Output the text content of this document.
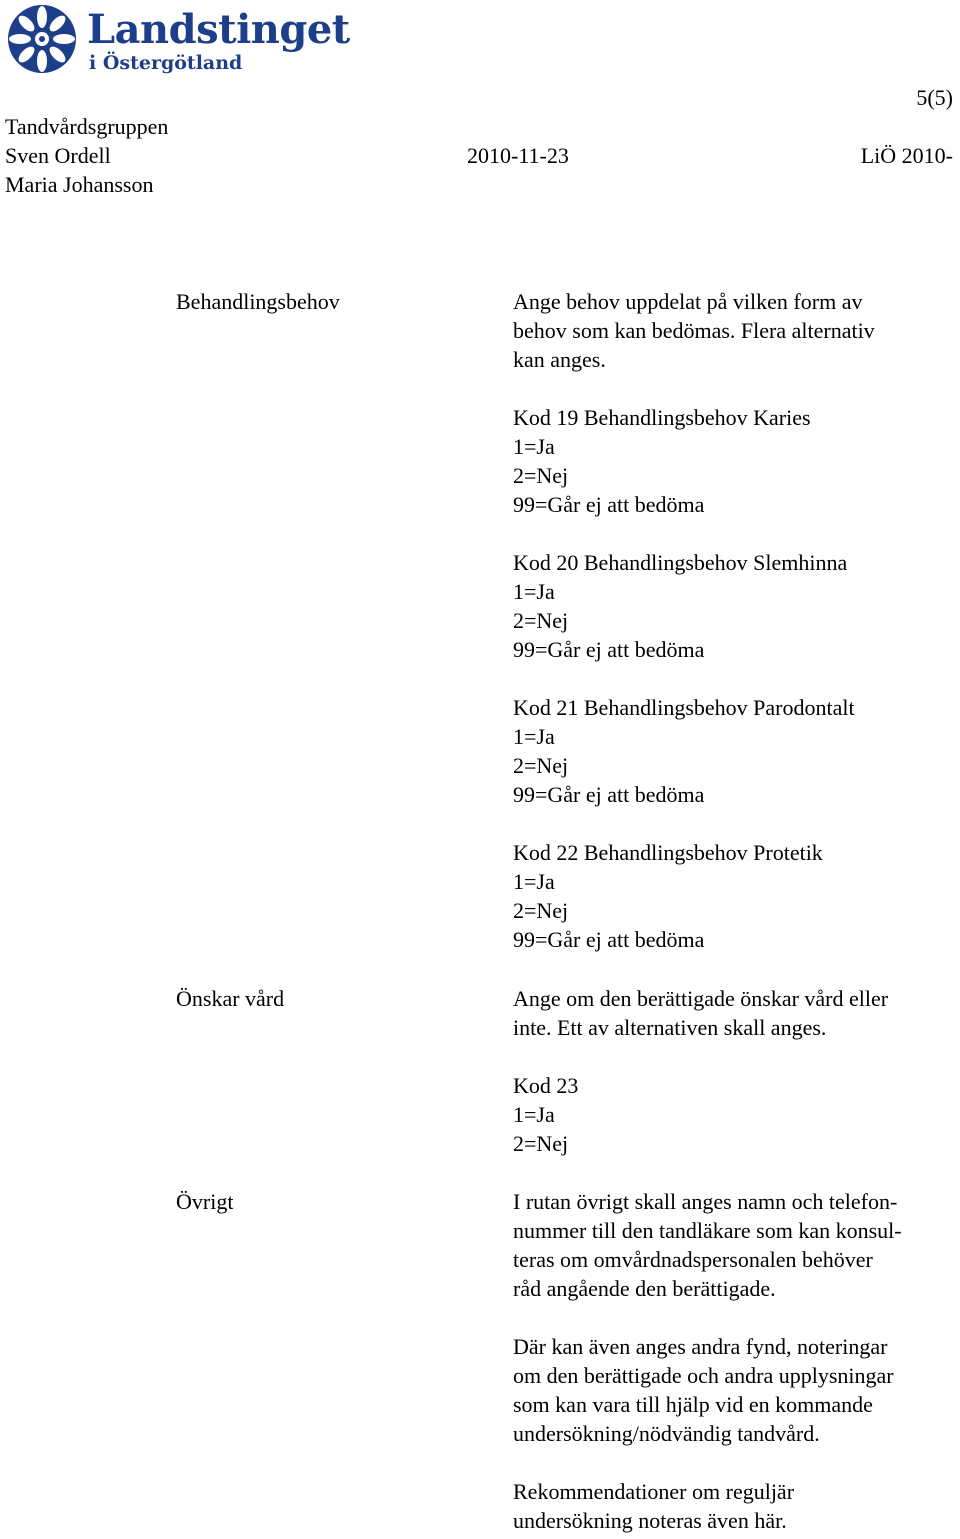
Landstinget
i Östergötland
5(5)
Tandvårdsgruppen
Sven Ordell	2010-11-23	LiÖ 2010-
Maria Johansson
Behandlingsbehov	Ange behov uppdelat på vilken form av

behov som kan bedömas. Flera alternativ

kan anges.

Kod 19 Behandlingsbehov Karies

1=Ja

2=Nej

99=Går ej att bedöma

Kod 20 Behandlingsbehov Slemhinna

1=Ja

2=Nej

99=Går ej att bedöma

Kod 21 Behandlingsbehov Parodontalt

1=Ja

2=Nej

99=Går ej att bedöma

Kod 22 Behandlingsbehov Protetik

1=Ja

2=Nej

99=Går ej att bedöma

Önskar vård	Ange om den berättigade önskar vård eller

inte. Ett av alternativen skall anges.

Kod 23

1=Ja

2=Nej

Övrigt	I rutan övrigt skall anges namn och telefon-

nummer till den tandläkare som kan konsul-

teras om omvårdnadspersonalen behöver

råd angående den berättigade.

Där kan även anges andra fynd, noteringar

om den berättigade och andra upplysningar

som kan vara till hjälp vid en kommande

undersökning/nödvändig tandvård.

Rekommendationer om reguljär

undersökning noteras även här.
